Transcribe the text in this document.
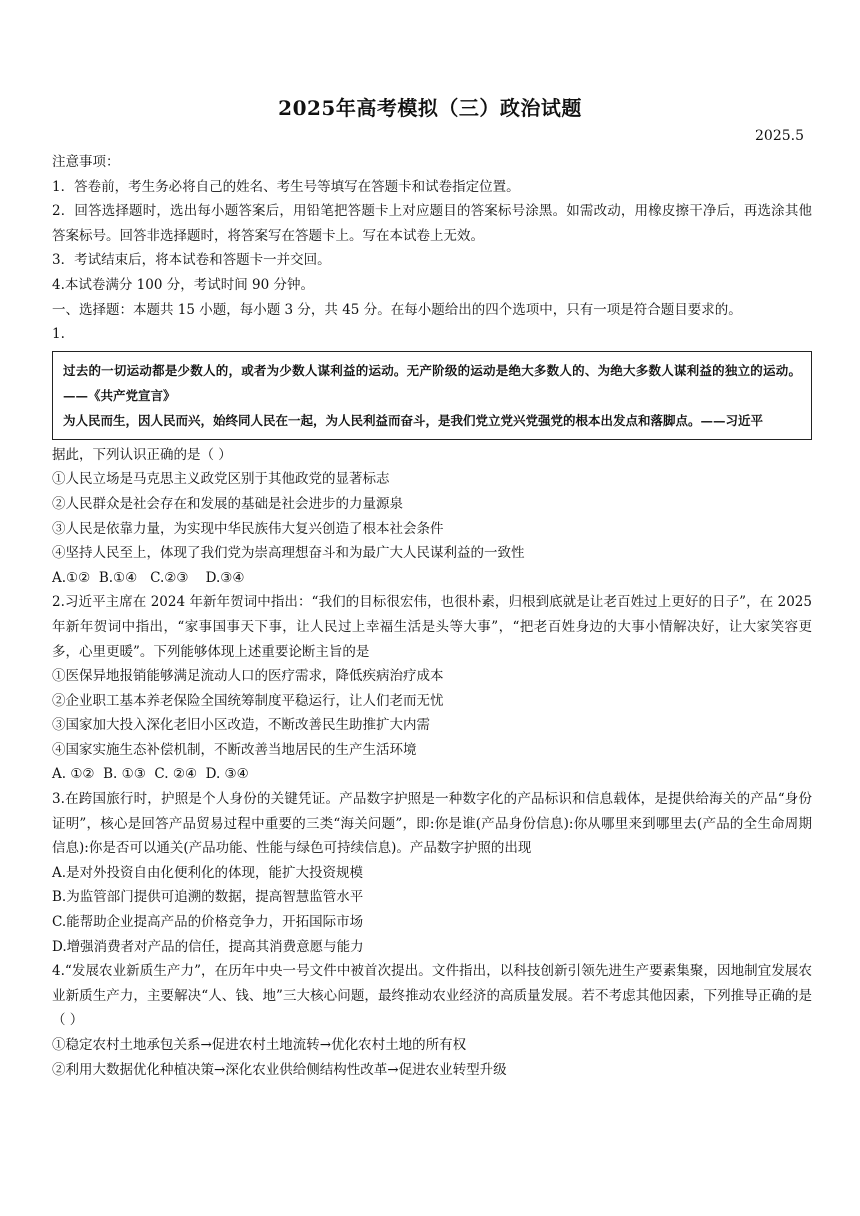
2025年高考模拟（三）政治试题
2025.5
注意事项：
1．答卷前，考生务必将自己的姓名、考生号等填写在答题卡和试卷指定位置。
2．回答选择题时，选出每小题答案后，用铅笔把答题卡上对应题目的答案标号涂黑。如需改动，用橡皮擦干净后，再选涂其他答案标号。回答非选择题时，将答案写在答题卡上。写在本试卷上无效。
3．考试结束后，将本试卷和答题卡一并交回。
4.本试卷满分 100 分，考试时间 90 分钟。
一、选择题：本题共 15 小题，每小题 3 分，共 45 分。在每小题给出的四个选项中，只有一项是符合题目要求的。
1.
过去的一切运动都是少数人的，或者为少数人谋利益的运动。无产阶级的运动是绝大多数人的、为绝大多数人谋利益的独立的运动。——《共产党宣言》
为人民而生，因人民而兴，始终同人民在一起，为人民利益而奋斗，是我们党立党兴党强党的根本出发点和落脚点。——习近平
据此，下列认识正确的是（ ）
①人民立场是马克思主义政党区别于其他政党的显著标志
②人民群众是社会存在和发展的基础是社会进步的力量源泉
③人民是依靠力量，为实现中华民族伟大复兴创造了根本社会条件
④坚持人民至上，体现了我们党为崇高理想奋斗和为最广大人民谋利益的一致性
A.①②  B.①④   C.②③    D.③④
2.习近平主席在 2024 年新年贺词中指出：“我们的目标很宏伟，也很朴素，归根到底就是让老百姓过上更好的日子”，在 2025 年新年贺词中指出，“家事国事天下事，让人民过上幸福生活是头等大事”，“把老百姓身边的大事小情解决好，让大家笑容更多，心里更暖”。下列能够体现上述重要论断主旨的是
①医保异地报销能够满足流动人口的医疗需求，降低疾病治疗成本
②企业职工基本养老保险全国统筹制度平稳运行，让人们老而无忧
③国家加大投入深化老旧小区改造，不断改善民生助推扩大内需
④国家实施生态补偿机制，不断改善当地居民的生产生活环境
A. ①②  B. ①③  C. ②④  D. ③④
3.在跨国旅行时，护照是个人身份的关键凭证。产品数字护照是一种数字化的产品标识和信息载体，是提供给海关的产品“身份证明”，核心是回答产品贸易过程中重要的三类“海关问题”，即:你是谁(产品身份信息):你从哪里来到哪里去(产品的全生命周期信息):你是否可以通关(产品功能、性能与绿色可持续信息)。产品数字护照的出现
A.是对外投资自由化便利化的体现，能扩大投资规模
B.为监管部门提供可追溯的数据，提高智慧监管水平
C.能帮助企业提高产品的价格竞争力，开拓国际市场
D.增强消费者对产品的信任，提高其消费意愿与能力
4.“发展农业新质生产力”，在历年中央一号文件中被首次提出。文件指出，以科技创新引领先进生产要素集聚，因地制宜发展农业新质生产力，主要解决“人、钱、地”三大核心问题，最终推动农业经济的高质量发展。若不考虑其他因素，下列推导正确的是（ ）
①稳定农村土地承包关系→促进农村土地流转→优化农村土地的所有权
②利用大数据优化种植决策→深化农业供给侧结构性改革→促进农业转型升级
